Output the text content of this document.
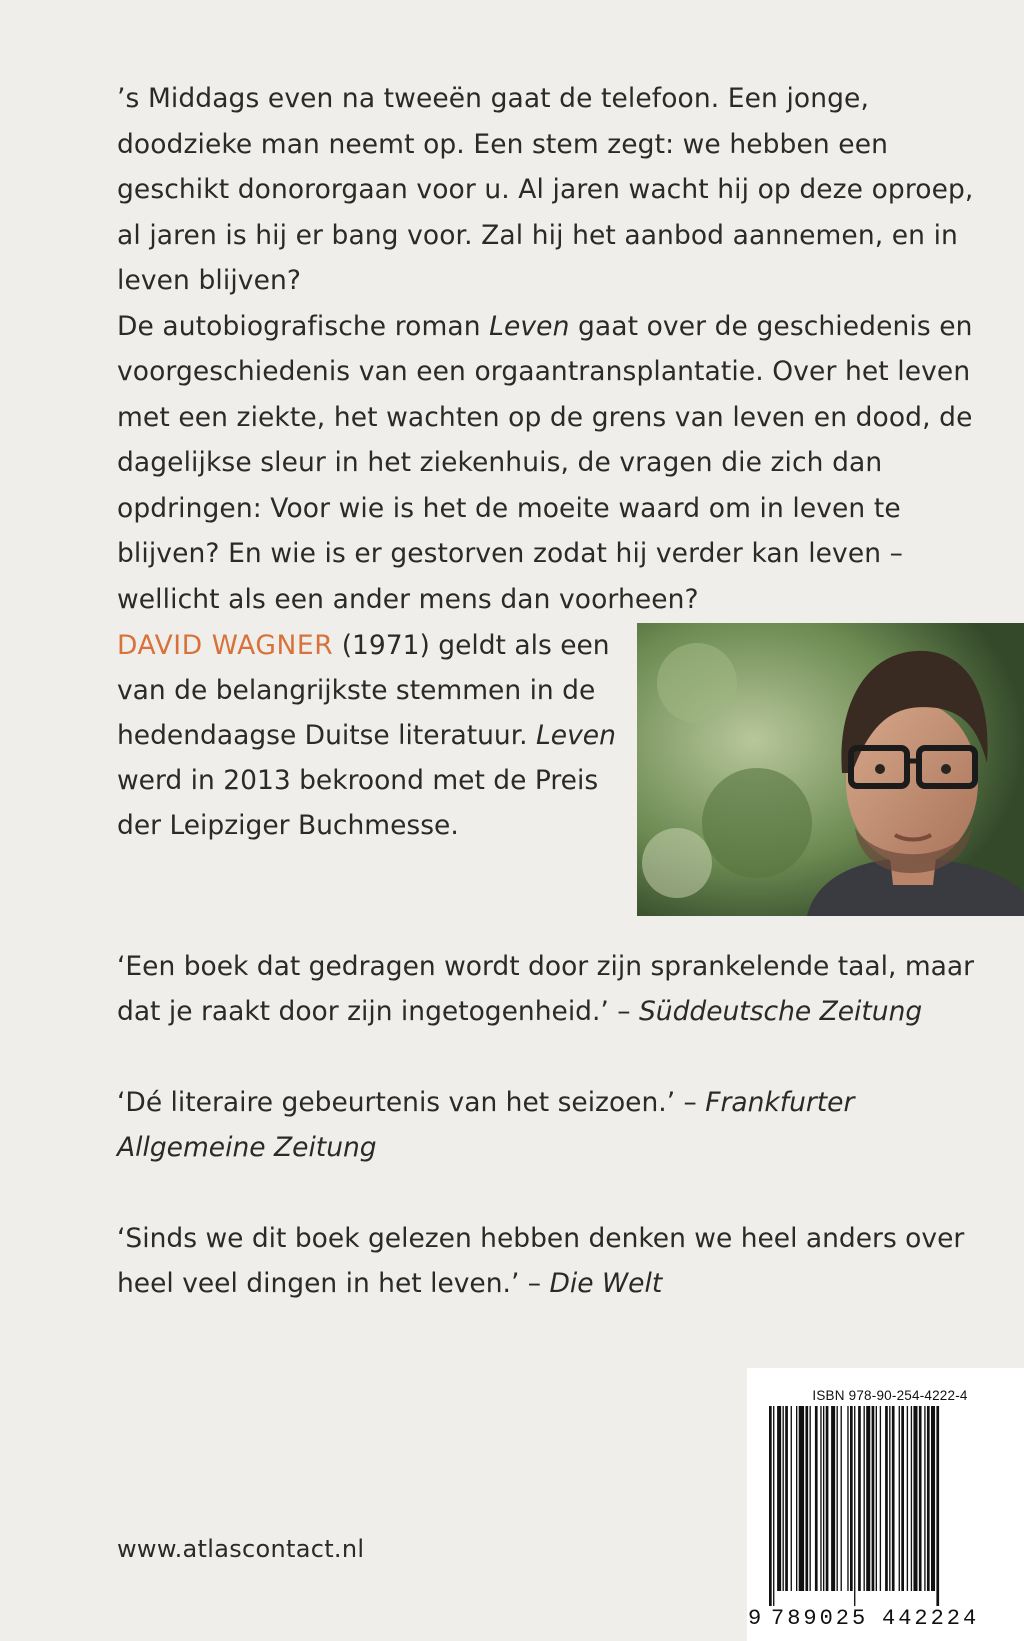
’s Middags even na tweeën gaat de telefoon. Een jonge, doodzieke man neemt op. Een stem zegt: we hebben een geschikt donororgaan voor u. Al jaren wacht hij op deze oproep, al jaren is hij er bang voor. Zal hij het aanbod aannemen, en in leven blijven?

De autobiografische roman Leven gaat over de geschiedenis en voorgeschiedenis van een orgaantransplantatie. Over het leven met een ziekte, het wachten op de grens van leven en dood, de dagelijkse sleur in het ziekenhuis, de vragen die zich dan opdringen: Voor wie is het de moeite waard om in leven te blijven? En wie is er gestorven zodat hij verder kan leven – wellicht als een ander mens dan voorheen?

DAVID WAGNER (1971) geldt als een van de belangrijkste stemmen in de hedendaagse Duitse literatuur. Leven werd in 2013 bekroond met de Preis der Leipziger Buchmesse.

‘Een boek dat gedragen wordt door zijn sprankelende taal, maar dat je raakt door zijn ingetogenheid.’ – Süddeutsche Zeitung

‘Dé literaire gebeurtenis van het seizoen.’ – Frankfurter Allgemeine Zeitung

‘Sinds we dit boek gelezen hebben denken we heel anders over heel veel dingen in het leven.’ – Die Welt

www.atlascontact.nl
ISBN 978-90-254-4222-4
9 789025 442224
